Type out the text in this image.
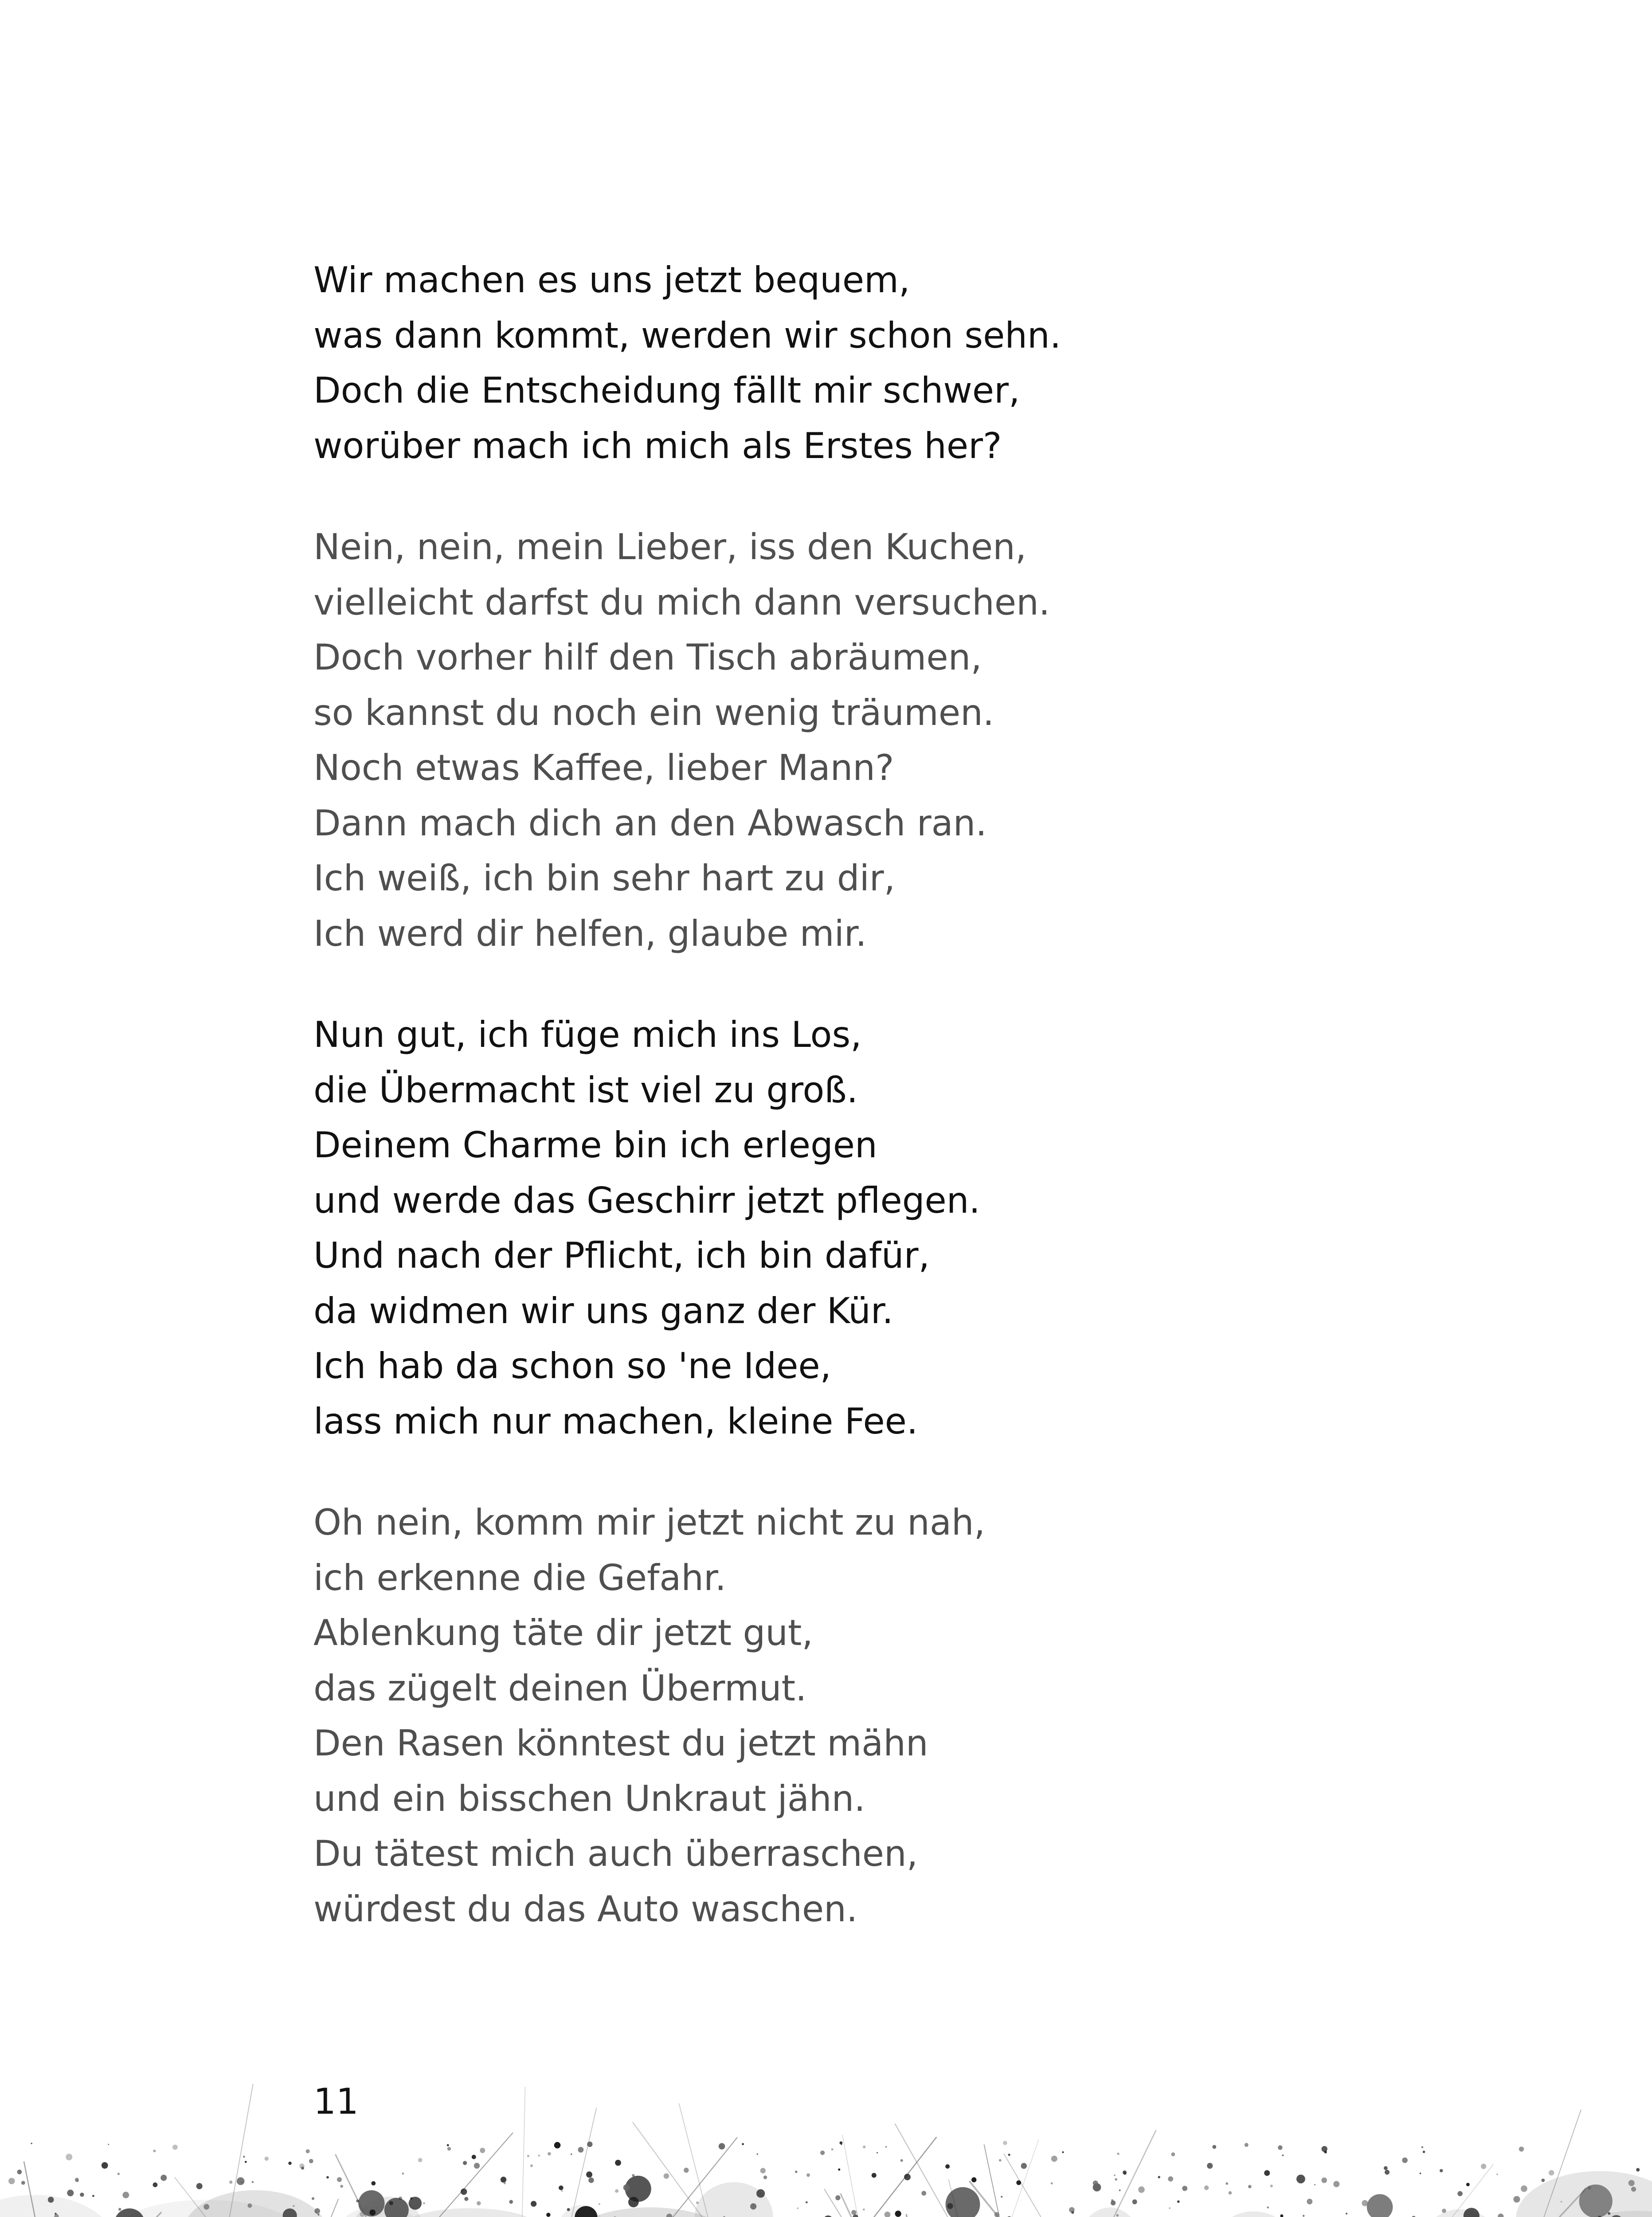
Wir machen es uns jetzt bequem,
was dann kommt, werden wir schon sehn.
Doch die Entscheidung fällt mir schwer,
worüber mach ich mich als Erstes her?
Nein, nein, mein Lieber, iss den Kuchen,
vielleicht darfst du mich dann versuchen.
Doch vorher hilf den Tisch abräumen,
so kannst du noch ein wenig träumen.
Noch etwas Kaffee, lieber Mann?
Dann mach dich an den Abwasch ran.
Ich weiß, ich bin sehr hart zu dir,
Ich werd dir helfen, glaube mir.
Nun gut, ich füge mich ins Los,
die Übermacht ist viel zu groß.
Deinem Charme bin ich erlegen
und werde das Geschirr jetzt pflegen.
Und nach der Pflicht, ich bin dafür,
da widmen wir uns ganz der Kür.
Ich hab da schon so 'ne Idee,
lass mich nur machen, kleine Fee.
Oh nein, komm mir jetzt nicht zu nah,
ich erkenne die Gefahr.
Ablenkung täte dir jetzt gut,
das zügelt deinen Übermut.
Den Rasen könntest du jetzt mähn
und ein bisschen Unkraut jähn.
Du tätest mich auch überraschen,
würdest du das Auto waschen.
11
